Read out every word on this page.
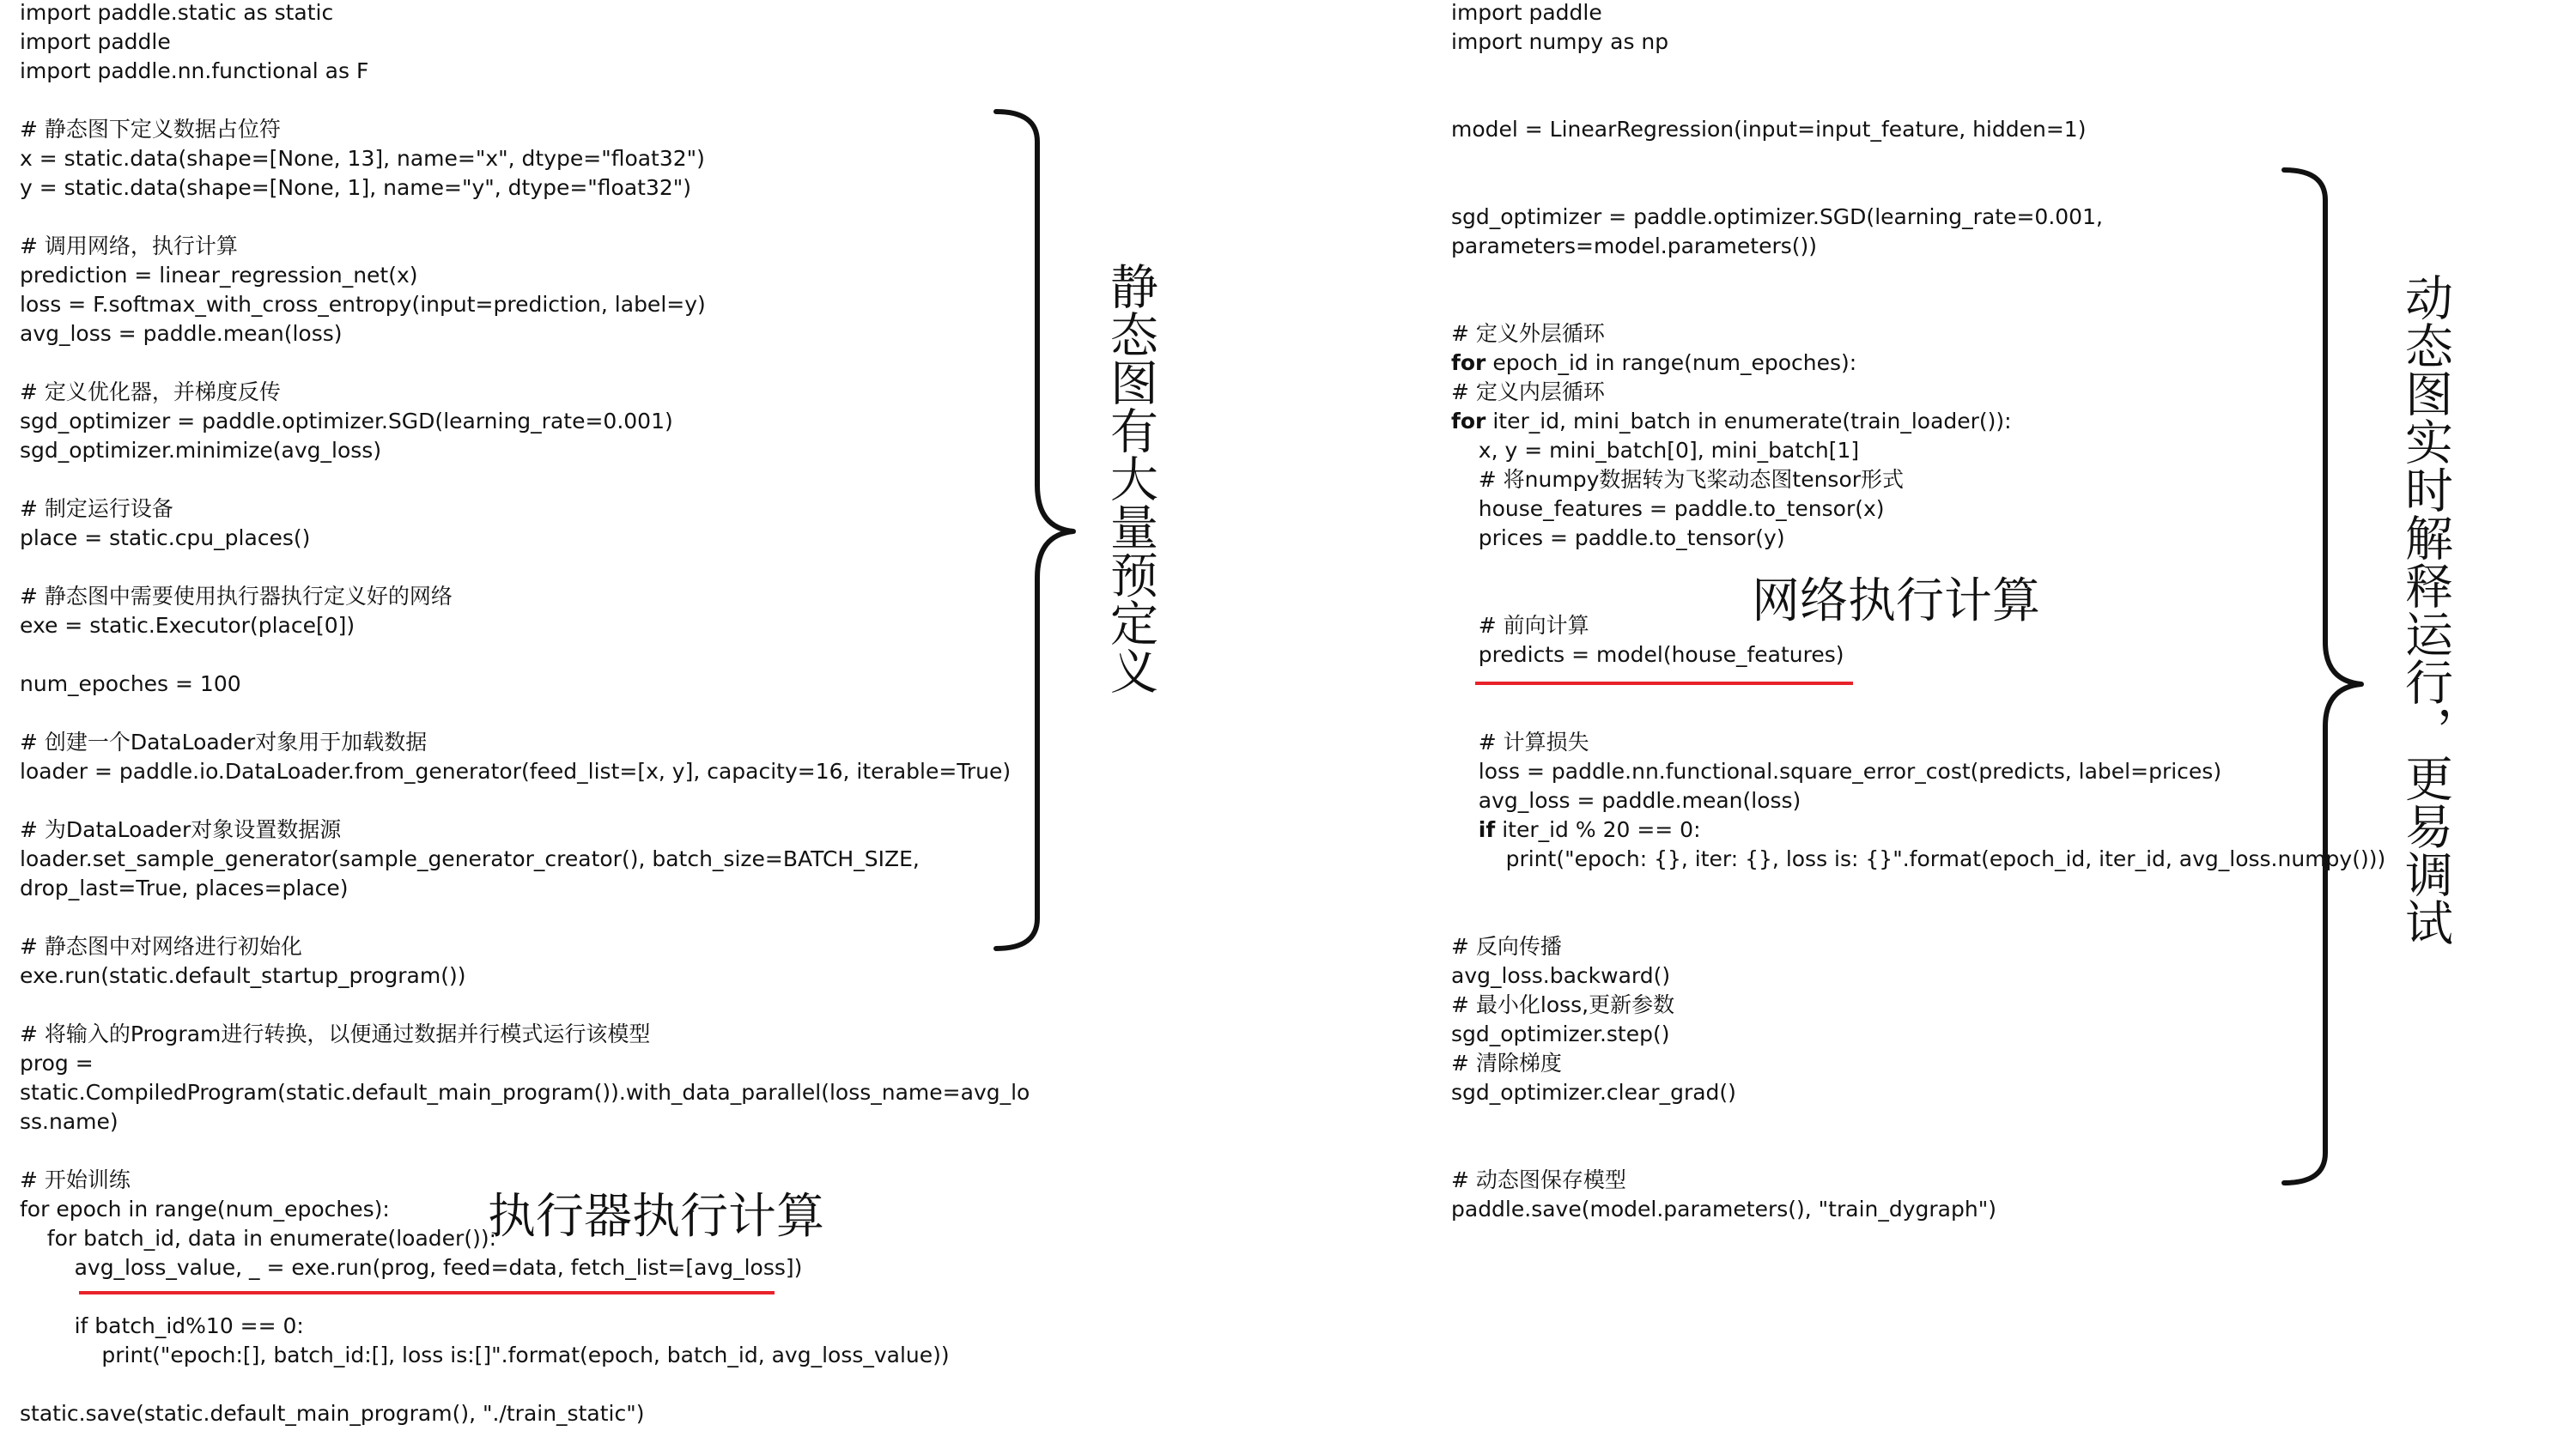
import paddle.static as static
import paddle
import paddle.nn.functional as F
# 静态图下定义数据占位符
x = static.data(shape=[None, 13], name="x", dtype="float32")
y = static.data(shape=[None, 1], name="y", dtype="float32")
# 调用网络，执行计算
prediction = linear_regression_net(x)
loss = F.softmax_with_cross_entropy(input=prediction, label=y)
avg_loss = paddle.mean(loss)
# 定义优化器，并梯度反传
sgd_optimizer = paddle.optimizer.SGD(learning_rate=0.001)
sgd_optimizer.minimize(avg_loss)
# 制定运行设备
place = static.cpu_places()
# 静态图中需要使用执行器执行定义好的网络
exe = static.Executor(place[0])
num_epoches = 100
# 创建一个DataLoader对象用于加载数据
loader = paddle.io.DataLoader.from_generator(feed_list=[x, y], capacity=16, iterable=True)
# 为DataLoader对象设置数据源
loader.set_sample_generator(sample_generator_creator(), batch_size=BATCH_SIZE,
drop_last=True, places=place)
# 静态图中对网络进行初始化
exe.run(static.default_startup_program())
# 将输入的Program进行转换，以便通过数据并行模式运行该模型
prog =
static.CompiledProgram(static.default_main_program()).with_data_parallel(loss_name=avg_lo
ss.name)
# 开始训练
for epoch in range(num_epoches):
for batch_id, data in enumerate(loader()):
avg_loss_value, _ = exe.run(prog, feed=data, fetch_list=[avg_loss])
if batch_id%10 == 0:
print("epoch:[], batch_id:[], loss is:[]".format(epoch, batch_id, avg_loss_value))
static.save(static.default_main_program(), "./train_static")
静态图有大量预定义
执行器执行计算
import paddle
import numpy as np
model = LinearRegression(input=input_feature, hidden=1)
sgd_optimizer = paddle.optimizer.SGD(learning_rate=0.001,
parameters=model.parameters())
# 定义外层循环
for epoch_id in range(num_epoches):
# 定义内层循环
for iter_id, mini_batch in enumerate(train_loader()):
x, y = mini_batch[0], mini_batch[1]
# 将numpy数据转为飞桨动态图tensor形式
house_features = paddle.to_tensor(x)
prices = paddle.to_tensor(y)
# 前向计算
predicts = model(house_features)
# 计算损失
loss = paddle.nn.functional.square_error_cost(predicts, label=prices)
avg_loss = paddle.mean(loss)
if iter_id % 20 == 0:
print("epoch: {}, iter: {}, loss is: {}".format(epoch_id, iter_id, avg_loss.numpy()))
# 反向传播
avg_loss.backward()
# 最小化loss,更新参数
sgd_optimizer.step()
# 清除梯度
sgd_optimizer.clear_grad()
# 动态图保存模型
paddle.save(model.parameters(), "train_dygraph")
网络执行计算	动态图实时解释运行，更易调试
